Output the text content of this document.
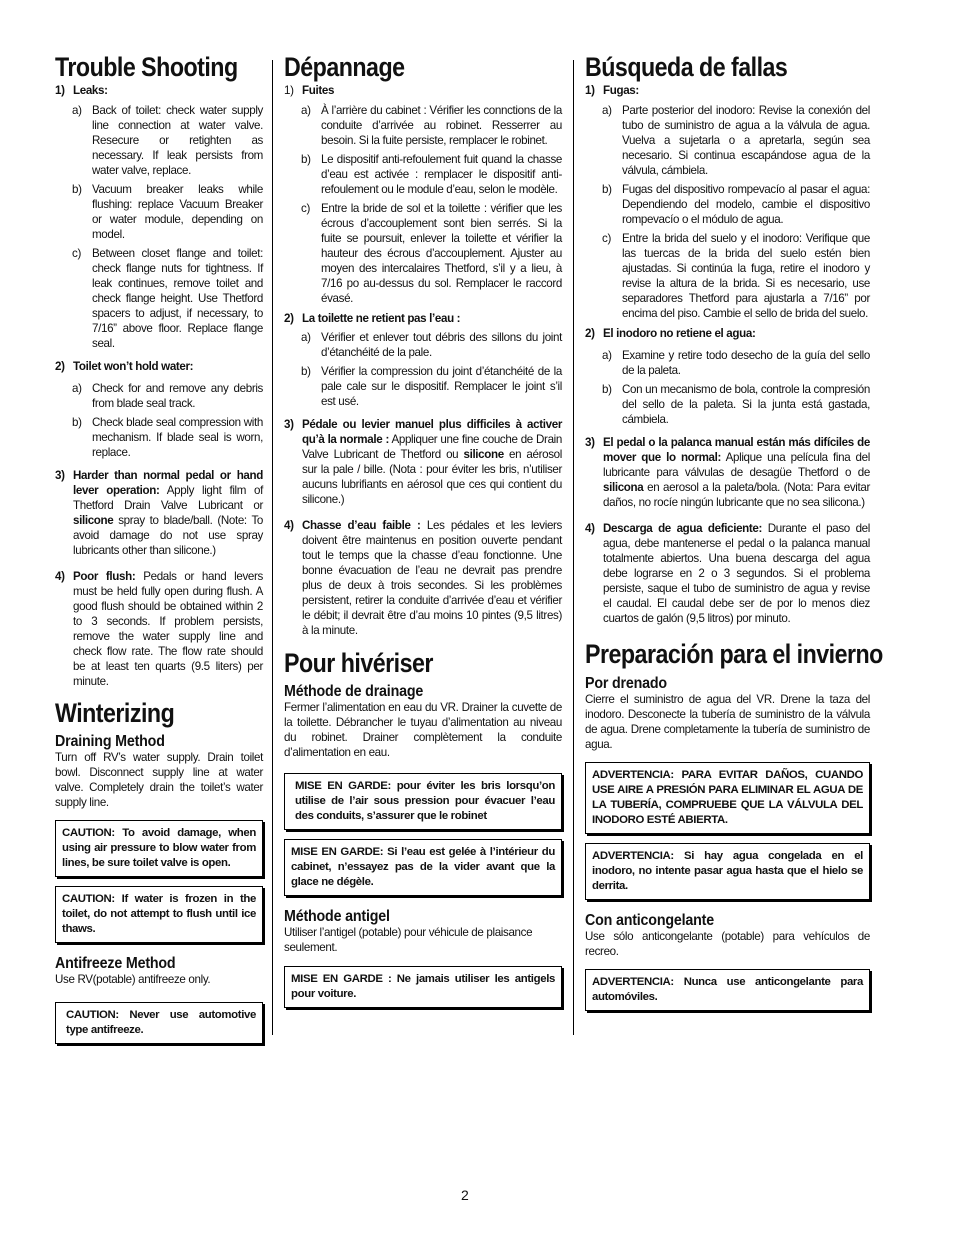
Trouble Shooting
1) Leaks:
a) Back of toilet: check water supply line connection at water valve. Resecure or retighten as necessary. If leak persists from water valve, replace.
b) Vacuum breaker leaks while flushing: replace Vacuum Breaker or water module, depending on model.
c) Between closet flange and toilet: check flange nuts for tightness. If leak continues, remove toilet and check flange height. Use Thetford spacers to adjust, if necessary, to 7/16” above floor. Replace flange seal.
2) Toilet won’t hold water:
a) Check for and remove any debris from blade seal track.
b) Check blade seal compression with mechanism. If blade seal is worn, replace.
3) Harder than normal pedal or hand lever operation: Apply light film of Thetford Drain Valve Lubricant or silicone spray to blade/ball. (Note: To avoid damage do not use spray lubricants other than silicone.)
4) Poor flush: Pedals or hand levers must be held fully open during flush. A good flush should be obtained within 2 to 3 seconds. If problem persists, remove the water supply line and check flow rate. The flow rate should be at least ten quarts (9.5 liters) per minute.
Winterizing
Draining Method

Turn off RV’s water supply. Drain toilet bowl. Disconnect supply line at water valve. Completely drain the toilet’s water supply line.

CAUTION: To avoid damage, when using air pressure to blow water from lines, be sure toilet valve is open.
CAUTION: If water is frozen in the toilet, do not attempt to flush until ice thaws.
Antifreeze Method

Use RV(potable) antifreeze only.

CAUTION: Never use automotive type antifreeze.
Dépannage
1) Fuites
a) À l’arrière du cabinet : Vérifier les connctions de la conduite d’arrivée au robinet. Resserrer au besoin. Si la fuite persiste, remplacer le robinet.
b) Le dispositif anti-refoulement fuit quand la chasse d’eau est activée : remplacer le dispositif anti-refoulement ou le module d’eau, selon le modèle.
c) Entre la bride de sol et la toilette : vérifier que les écrous d’accouplement sont bien serrés. Si la fuite se poursuit, enlever la toilette et vérifier la hauteur des écrous d’accouplement. Ajuster au moyen des intercalaires Thetford, s’il y a lieu, à 7/16 po au-dessus du sol. Remplacer le raccord évasé.
2) La toilette ne retient pas l’eau :
a) Vérifier et enlever tout débris des sillons du joint d’étanchéité de la pale.
b) Vérifier la compression du joint d’étanchéité de la pale cale sur le dispositif. Remplacer le joint s’il est usé.
3) Pédale ou levier manuel plus difficiles à activer qu’à la normale : Appliquer une fine couche de Drain Valve Lubricant de Thetford ou silicone en aérosol sur la pale / bille. (Nota : pour éviter les bris, n’utiliser aucuns lubrifiants en aérosol que ces qui contient du silicone.)
4) Chasse d’eau faible : Les pédales et les leviers doivent être maintenus en position ouverte pendant tout le temps que la chasse d’eau fonctionne. Une bonne évacuation de l’eau ne devrait pas prendre plus de deux à trois secondes. Si les problèmes persistent, retirer la conduite d’arrivée d’eau et vérifier le débit; il devrait être d’au moins 10 pintes (9,5 litres) à la minute.
Pour hivériser
Méthode de drainage

Fermer l’alimentation en eau du VR. Drainer la cuvette de la toilette. Débrancher le tuyau d’alimentation au niveau du robinet. Drainer complètement la conduite d’alimentation en eau.

MISE EN GARDE: pour éviter les bris lorsqu’on utilise de l’air sous pression pour évacuer l’eau des conduits, s’assurer que le robinet
MISE EN GARDE: Si l’eau est gelée à l’intérieur du cabinet, n’essayez pas de la vider avant que la glace ne dégèle.
Méthode antigel

Utiliser l’antigel (potable) pour véhicule de plaisance seulement.

MISE EN GARDE : Ne jamais utiliser les antigels pour voiture.
Búsqueda de fallas
1) Fugas:
a) Parte posterior del inodoro: Revise la conexión del tubo de suministro de agua a la válvula de agua. Vuelva a sujetarla o a apretarla, según sea necesario. Si continua escapándose agua de la válvula, cámbiela.
b) Fugas del dispositivo rompevacío al pasar el agua: Dependiendo del modelo, cambie el dispositivo rompevacío o el módulo de agua.
c) Entre la brida del suelo y el inodoro: Verifique que las tuercas de la brida del suelo estén bien ajustadas. Si continúa la fuga, retire el inodoro y revise la altura de la brida. Si es necesario, use separadores Thetford para ajustarla a 7/16” por encima del piso. Cambie el sello de brida del suelo.
2) El inodoro no retiene el agua:
a) Examine y retire todo desecho de la guía del sello de la paleta.
b) Con un mecanismo de bola, controle la compresión del sello de la paleta. Si la junta está gastada, cámbiela.
3) El pedal o la palanca manual están más difíciles de mover que lo normal: Aplique una película fina del lubricante para válvulas de desagüe Thetford o de silicona en aerosol a la paleta/bola. (Nota: Para evitar daños, no rocíe ningún lubricante que no sea silicona.)
4) Descarga de agua deficiente: Durante el paso del agua, debe mantenerse el pedal o la palanca manual totalmente abiertos. Una buena descarga del agua debe lograrse en 2 o 3 segundos. Si el problema persiste, saque el tubo de suministro de agua y revise el caudal. El caudal debe ser de por lo menos diez cuartos de galón (9,5 litros) por minuto.
Preparación para el invierno
Por drenado

Cierre el suministro de agua del VR. Drene la taza del inodoro. Desconecte la tubería de suministro de la válvula de agua. Drene completamente la tubería de suministro de agua.

ADVERTENCIA: PARA EVITAR DAÑOS, CUANDO USE AIRE A PRESIÓN PARA ELIMINAR EL AGUA DE LA TUBERÍA, COMPRUEBE QUE LA VÁLVULA DEL INODORO ESTÉ ABIERTA.
ADVERTENCIA: Si hay agua congelada en el inodoro, no intente pasar agua hasta que el hielo se derrita.
Con anticongelante

Use sólo anticongelante (potable) para vehículos de recreo.

ADVERTENCIA: Nunca use anticongelante para automóviles.
2
